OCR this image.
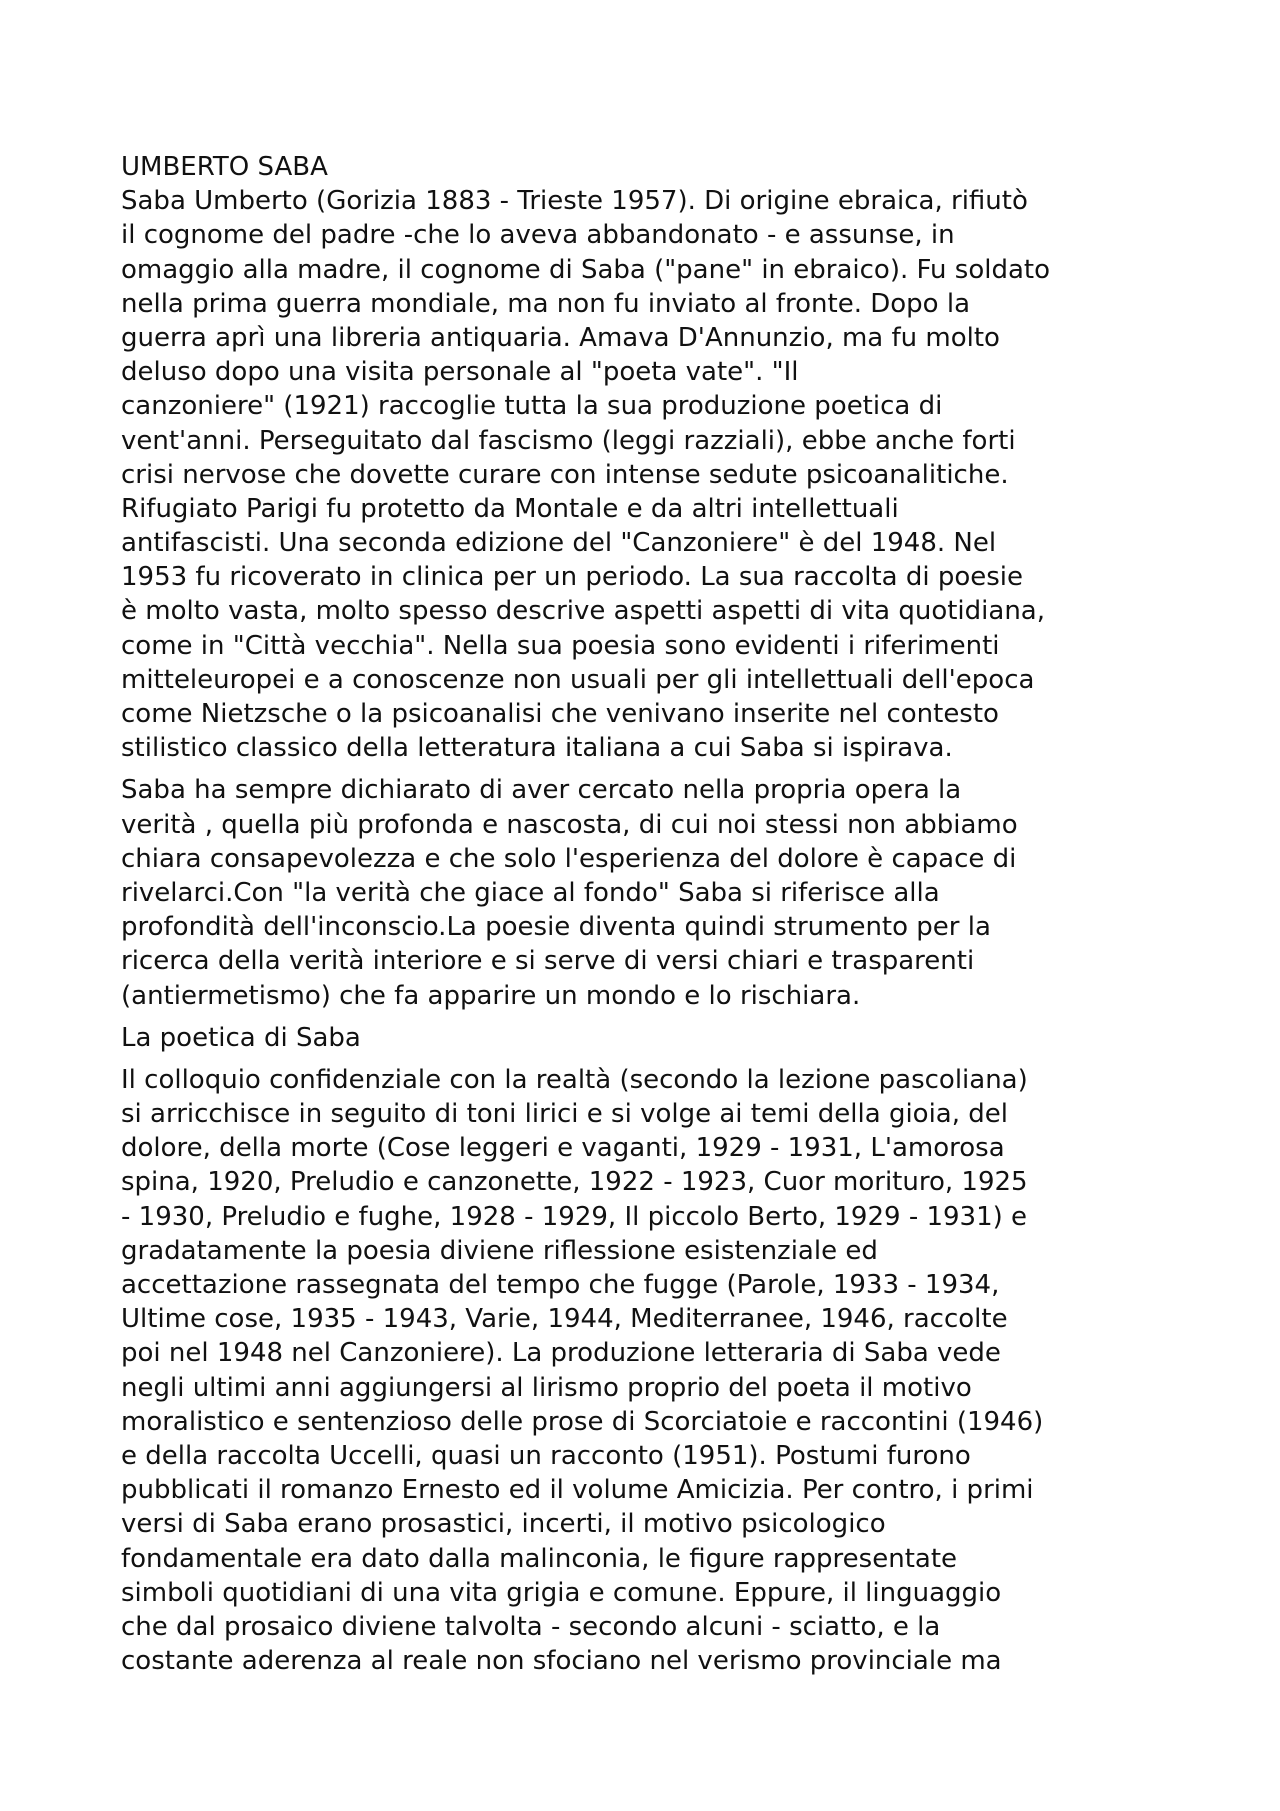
UMBERTO SABA
Saba Umberto (Gorizia 1883 - Trieste 1957). Di origine ebraica, rifiutò
il cognome del padre -che lo aveva abbandonato - e assunse, in
omaggio alla madre, il cognome di Saba ("pane" in ebraico). Fu soldato
nella prima guerra mondiale, ma non fu inviato al fronte. Dopo la
guerra aprì una libreria antiquaria. Amava D'Annunzio, ma fu molto
deluso dopo una visita personale al "poeta vate". "Il
canzoniere" (1921) raccoglie tutta la sua produzione poetica di
vent'anni. Perseguitato dal fascismo (leggi razziali), ebbe anche forti
crisi nervose che dovette curare con intense sedute psicoanalitiche.
Rifugiato Parigi fu protetto da Montale e da altri intellettuali
antifascisti. Una seconda edizione del "Canzoniere" è del 1948. Nel
1953 fu ricoverato in clinica per un periodo. La sua raccolta di poesie
è molto vasta, molto spesso descrive aspetti aspetti di vita quotidiana,
come in "Città vecchia". Nella sua poesia sono evidenti i riferimenti
mitteleuropei e a conoscenze non usuali per gli intellettuali dell'epoca
come Nietzsche o la psicoanalisi che venivano inserite nel contesto
stilistico classico della letteratura italiana a cui Saba si ispirava.
Saba ha sempre dichiarato di aver cercato nella propria opera la
verità , quella più profonda e nascosta, di cui noi stessi non abbiamo
chiara consapevolezza e che solo l'esperienza del dolore è capace di
rivelarci.Con "la verità che giace al fondo" Saba si riferisce alla
profondità dell'inconscio.La poesie diventa quindi strumento per la
ricerca della verità interiore e si serve di versi chiari e trasparenti
(antiermetismo) che fa apparire un mondo e lo rischiara.
La poetica di Saba
Il colloquio confidenziale con la realtà (secondo la lezione pascoliana)
si arricchisce in seguito di toni lirici e si volge ai temi della gioia, del
dolore, della morte (Cose leggeri e vaganti, 1929 - 1931, L'amorosa
spina, 1920, Preludio e canzonette, 1922 - 1923, Cuor morituro, 1925
- 1930, Preludio e fughe, 1928 - 1929, Il piccolo Berto, 1929 - 1931) e
gradatamente la poesia diviene riflessione esistenziale ed
accettazione rassegnata del tempo che fugge (Parole, 1933 - 1934,
Ultime cose, 1935 - 1943, Varie, 1944, Mediterranee, 1946, raccolte
poi nel 1948 nel Canzoniere). La produzione letteraria di Saba vede
negli ultimi anni aggiungersi al lirismo proprio del poeta il motivo
moralistico e sentenzioso delle prose di Scorciatoie e raccontini (1946)
e della raccolta Uccelli, quasi un racconto (1951). Postumi furono
pubblicati il romanzo Ernesto ed il volume Amicizia. Per contro, i primi
versi di Saba erano prosastici, incerti, il motivo psicologico
fondamentale era dato dalla malinconia, le figure rappresentate
simboli quotidiani di una vita grigia e comune. Eppure, il linguaggio
che dal prosaico diviene talvolta - secondo alcuni - sciatto, e la
costante aderenza al reale non sfociano nel verismo provinciale ma
